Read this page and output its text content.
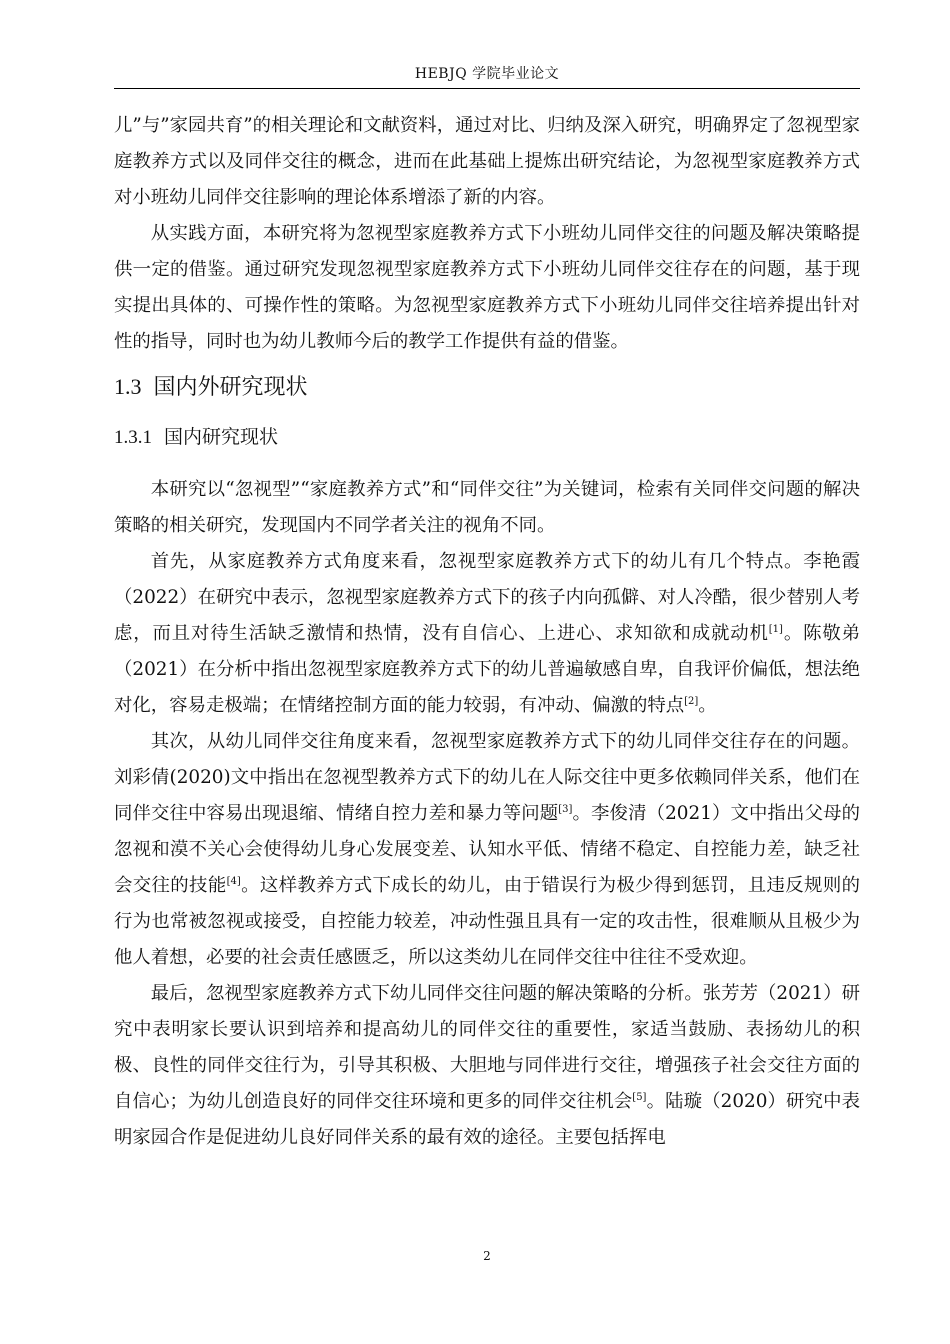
HEBJQ 学院毕业论文

儿”与”家园共育”的相关理论和文献资料，通过对比、归纳及深入研究，明确界定了忽视型家庭教养方式以及同伴交往的概念，进而在此基础上提炼出研究结论，为忽视型家庭教养方式对小班幼儿同伴交往影响的理论体系增添了新的内容。

从实践方面，本研究将为忽视型家庭教养方式下小班幼儿同伴交往的问题及解决策略提供一定的借鉴。通过研究发现忽视型家庭教养方式下小班幼儿同伴交往存在的问题，基于现实提出具体的、可操作性的策略。为忽视型家庭教养方式下小班幼儿同伴交往培养提出针对性的指导，同时也为幼儿教师今后的教学工作提供有益的借鉴。

1.3 国内外研究现状
1.3.1 国内研究现状

本研究以“忽视型”“家庭教养方式”和“同伴交往”为关键词，检索有关同伴交问题的解决策略的相关研究，发现国内不同学者关注的视角不同。

首先，从家庭教养方式角度来看，忽视型家庭教养方式下的幼儿有几个特点。李艳霞（2022）在研究中表示，忽视型家庭教养方式下的孩子内向孤僻、对人冷酷，很少替别人考虑，而且对待生活缺乏激情和热情，没有自信心、上进心、求知欲和成就动机[1]。陈敬弟（2021）在分析中指出忽视型家庭教养方式下的幼儿普遍敏感自卑，自我评价偏低，想法绝对化，容易走极端；在情绪控制方面的能力较弱，有冲动、偏激的特点[2]。

其次，从幼儿同伴交往角度来看，忽视型家庭教养方式下的幼儿同伴交往存在的问题。刘彩倩(2020)文中指出在忽视型教养方式下的幼儿在人际交往中更多依赖同伴关系，他们在同伴交往中容易出现退缩、情绪自控力差和暴力等问题[3]。李俊清（2021）文中指出父母的忽视和漠不关心会使得幼儿身心发展变差、认知水平低、情绪不稳定、自控能力差，缺乏社会交往的技能[4]。这样教养方式下成长的幼儿，由于错误行为极少得到惩罚，且违反规则的行为也常被忽视或接受，自控能力较差，冲动性强且具有一定的攻击性，很难顺从且极少为他人着想，必要的社会责任感匮乏，所以这类幼儿在同伴交往中往往不受欢迎。

最后，忽视型家庭教养方式下幼儿同伴交往问题的解决策略的分析。张芳芳（2021）研究中表明家长要认识到培养和提高幼儿的同伴交往的重要性，家适当鼓励、表扬幼儿的积极、良性的同伴交往行为，引导其积极、大胆地与同伴进行交往，增强孩子社会交往方面的自信心；为幼儿创造良好的同伴交往环境和更多的同伴交往机会[5]。陆璇（2020）研究中表明家园合作是促进幼儿良好同伴关系的最有效的途径。主要包括挥电

2
